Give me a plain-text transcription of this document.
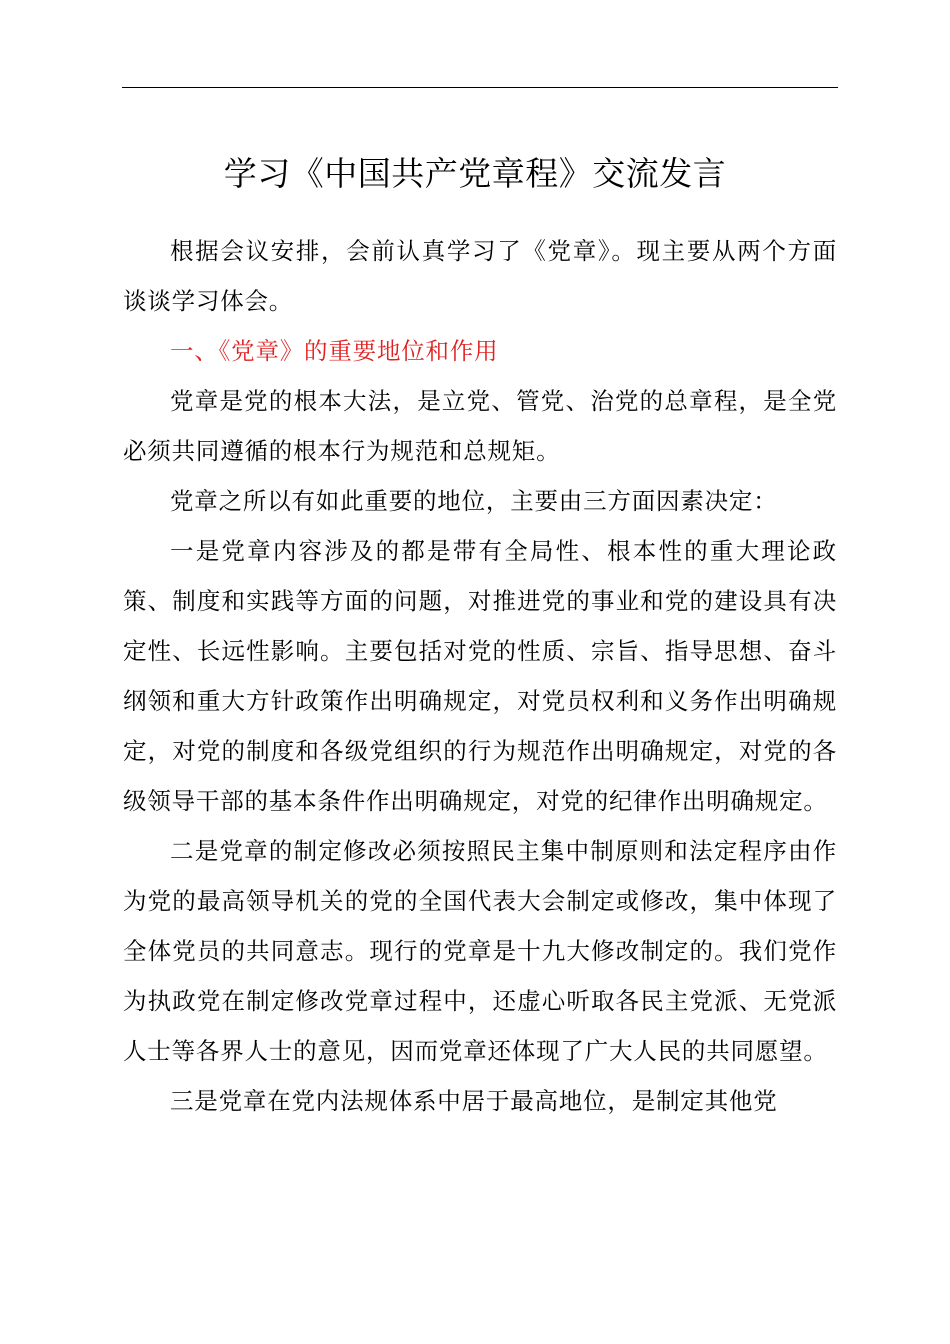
学习《中国共产党章程》交流发言

根据会议安排，会前认真学习了《党章》。现主要从两个方面谈谈学习体会。

一、《党章》的重要地位和作用

党章是党的根本大法，是立党、管党、治党的总章程，是全党必须共同遵循的根本行为规范和总规矩。

党章之所以有如此重要的地位，主要由三方面因素决定：

一是党章内容涉及的都是带有全局性、根本性的重大理论政策、制度和实践等方面的问题，对推进党的事业和党的建设具有决定性、长远性影响。主要包括对党的性质、宗旨、指导思想、奋斗纲领和重大方针政策作出明确规定，对党员权利和义务作出明确规定，对党的制度和各级党组织的行为规范作出明确规定，对党的各级领导干部的基本条件作出明确规定，对党的纪律作出明确规定。

二是党章的制定修改必须按照民主集中制原则和法定程序由作为党的最高领导机关的党的全国代表大会制定或修改，集中体现了全体党员的共同意志。现行的党章是十九大修改制定的。我们党作为执政党在制定修改党章过程中，还虚心听取各民主党派、无党派人士等各界人士的意见，因而党章还体现了广大人民的共同愿望。

三是党章在党内法规体系中居于最高地位，是制定其他党
